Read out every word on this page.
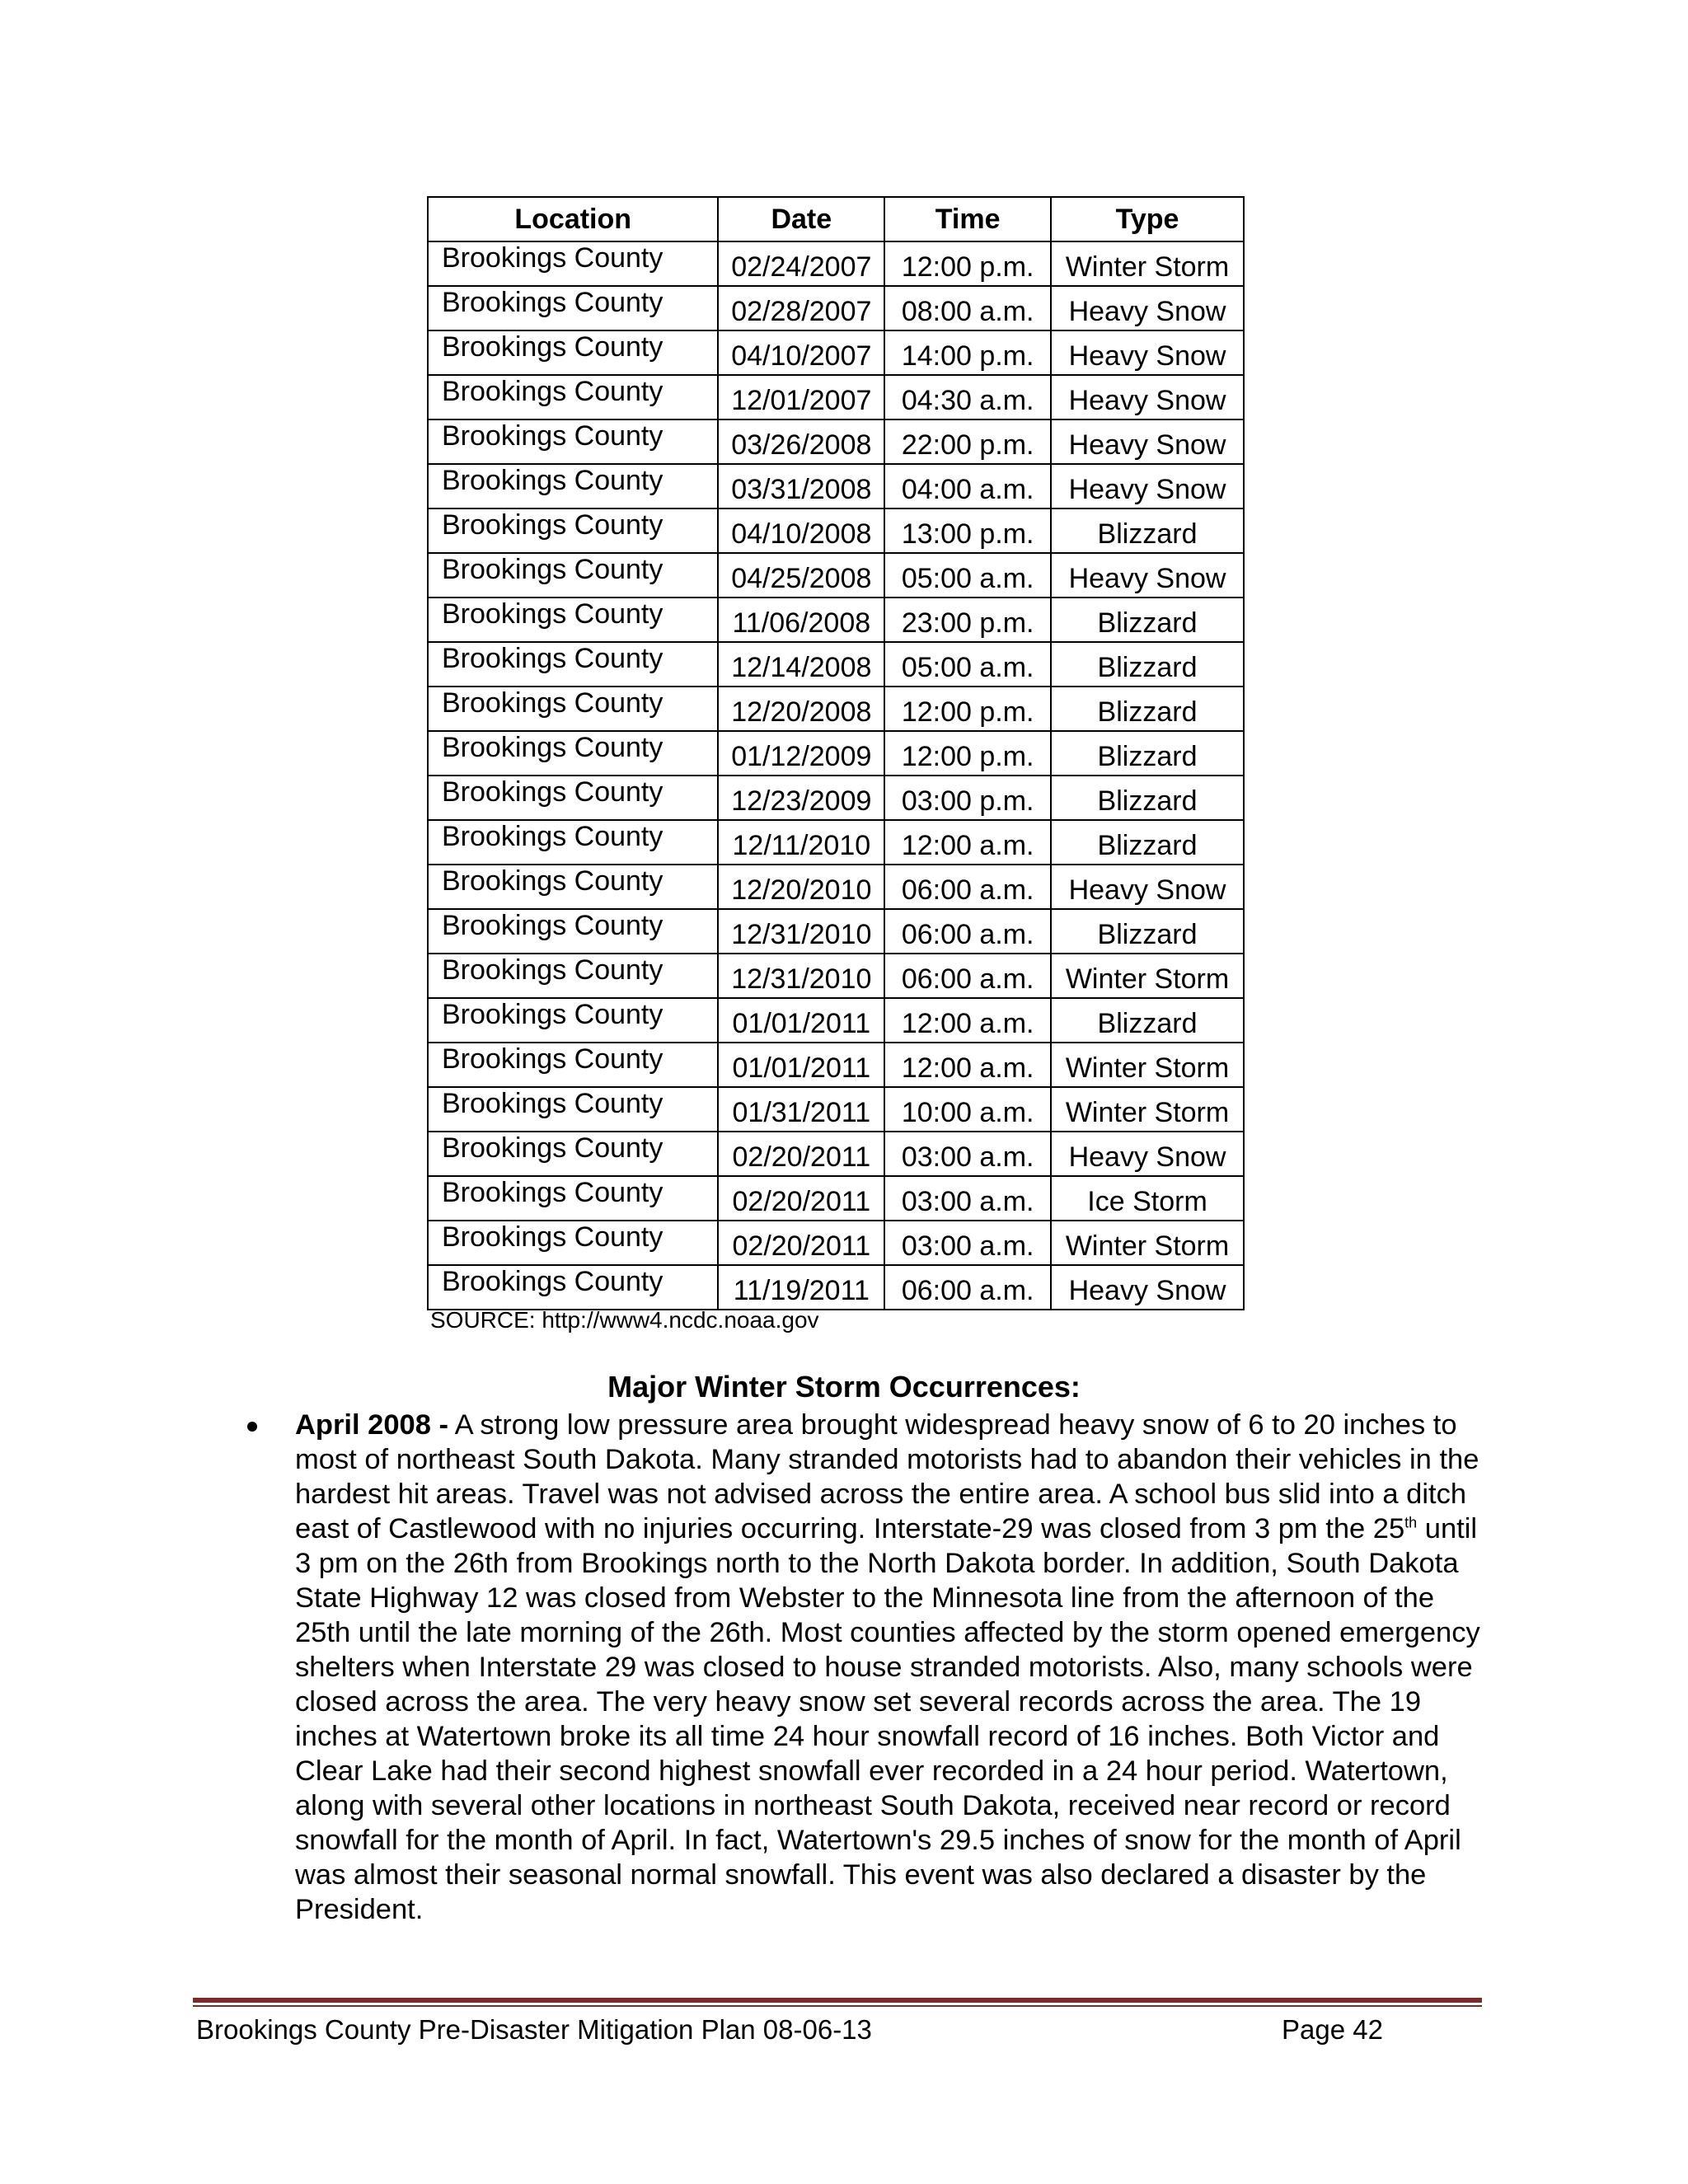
Location	Date	Time	Type
Brookings County	02/24/2007	12:00 p.m.	Winter Storm
Brookings County	02/28/2007	08:00 a.m.	Heavy Snow
Brookings County	04/10/2007	14:00 p.m.	Heavy Snow
Brookings County	12/01/2007	04:30 a.m.	Heavy Snow
Brookings County	03/26/2008	22:00 p.m.	Heavy Snow
Brookings County	03/31/2008	04:00 a.m.	Heavy Snow
Brookings County	04/10/2008	13:00 p.m.	Blizzard
Brookings County	04/25/2008	05:00 a.m.	Heavy Snow
Brookings County	11/06/2008	23:00 p.m.	Blizzard
Brookings County	12/14/2008	05:00 a.m.	Blizzard
Brookings County	12/20/2008	12:00 p.m.	Blizzard
Brookings County	01/12/2009	12:00 p.m.	Blizzard
Brookings County	12/23/2009	03:00 p.m.	Blizzard
Brookings County	12/11/2010	12:00 a.m.	Blizzard
Brookings County	12/20/2010	06:00 a.m.	Heavy Snow
Brookings County	12/31/2010	06:00 a.m.	Blizzard
Brookings County	12/31/2010	06:00 a.m.	Winter Storm
Brookings County	01/01/2011	12:00 a.m.	Blizzard
Brookings County	01/01/2011	12:00 a.m.	Winter Storm
Brookings County	01/31/2011	10:00 a.m.	Winter Storm
Brookings County	02/20/2011	03:00 a.m.	Heavy Snow
Brookings County	02/20/2011	03:00 a.m.	Ice Storm
Brookings County	02/20/2011	03:00 a.m.	Winter Storm
Brookings County	11/19/2011	06:00 a.m.	Heavy Snow
SOURCE: http://www4.ncdc.noaa.gov
Major Winter Storm Occurrences:
April 2008 - A strong low pressure area brought widespread heavy snow of 6 to 20 inches to most of northeast South Dakota. Many stranded motorists had to abandon their vehicles in the hardest hit areas. Travel was not advised across the entire area. A school bus slid into a ditch east of Castlewood with no injuries occurring. Interstate-29 was closed from 3 pm the 25th until 3 pm on the 26th from Brookings north to the North Dakota border. In addition, South Dakota State Highway 12 was closed from Webster to the Minnesota line from the afternoon of the 25th until the late morning of the 26th. Most counties affected by the storm opened emergency shelters when Interstate 29 was closed to house stranded motorists. Also, many schools were closed across the area. The very heavy snow set several records across the area. The 19 inches at Watertown broke its all time 24 hour snowfall record of 16 inches. Both Victor and Clear Lake had their second highest snowfall ever recorded in a 24 hour period. Watertown, along with several other locations in northeast South Dakota, received near record or record snowfall for the month of April. In fact, Watertown's 29.5 inches of snow for the month of April was almost their seasonal normal snowfall. This event was also declared a disaster by the President.
Brookings County Pre-Disaster Mitigation Plan 08-06-13	Page 42
